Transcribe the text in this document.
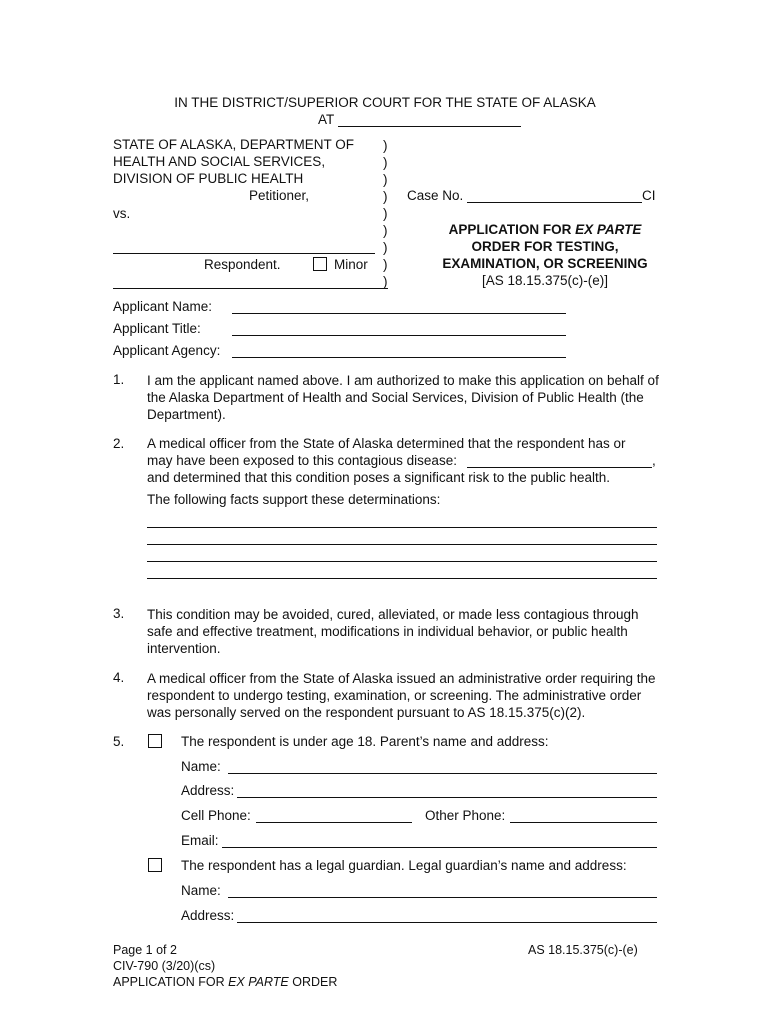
IN THE DISTRICT/SUPERIOR COURT FOR THE STATE OF ALASKA
AT
STATE OF ALASKA, DEPARTMENT OF
HEALTH AND SOCIAL SERVICES,
DIVISION OF PUBLIC HEALTH
Petitioner,
vs.
Respondent.	Minor
)
)
)
)
)
)
)
)
)
Case No.	CI
APPLICATION FOR EX PARTE
ORDER FOR TESTING,
EXAMINATION, OR SCREENING
[AS 18.15.375(c)-(e)]
Applicant Name:
Applicant Title:
Applicant Agency:
1. I am the applicant named above. I am authorized to make this application on behalf of the Alaska Department of Health and Social Services, Division of Public Health (the Department).
2. A medical officer from the State of Alaska determined that the respondent has or
may have been exposed to this contagious disease:	,
and determined that this condition poses a significant risk to the public health.
The following facts support these determinations:
3. This condition may be avoided, cured, alleviated, or made less contagious through safe and effective treatment, modifications in individual behavior, or public health intervention.
4. A medical officer from the State of Alaska issued an administrative order requiring the respondent to undergo testing, examination, or screening. The administrative order was personally served on the respondent pursuant to AS 18.15.375(c)(2).
5.	The respondent is under age 18. Parent’s name and address:
Name:
Address:
Cell Phone:	Other Phone:
Email:
The respondent has a legal guardian. Legal guardian’s name and address:
Name:
Address:
Page 1 of 2
CIV-790 (3/20)(cs)
APPLICATION FOR EX PARTE ORDER
AS 18.15.375(c)-(e)
